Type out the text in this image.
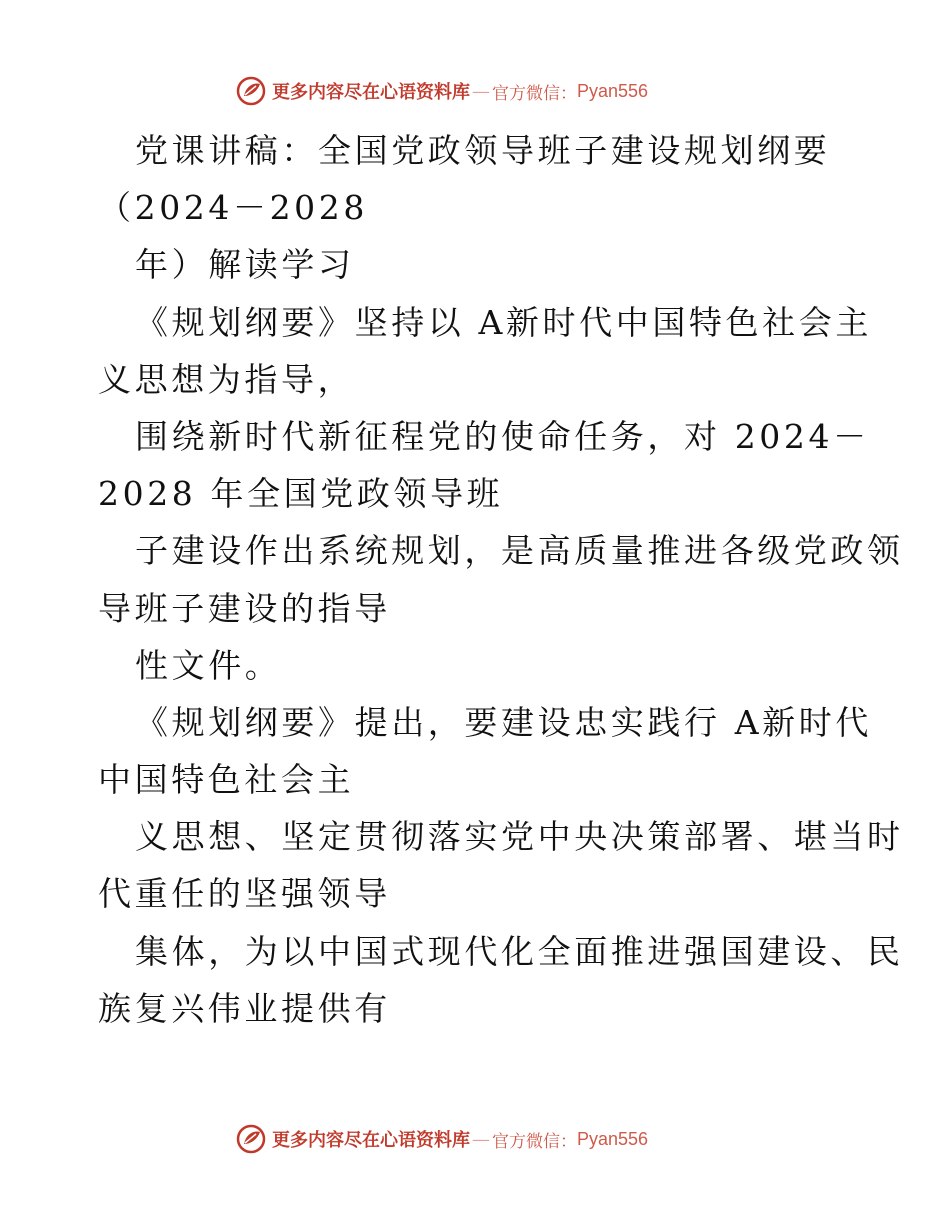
更多内容尽在心语资料库 — 官方微信： Pyan556
党课讲稿：全国党政领导班子建设规划纲要
（2024－2028
年）解读学习
《规划纲要》坚持以 A新时代中国特色社会主
义思想为指导，
围绕新时代新征程党的使命任务，对 2024－
2028 年全国党政领导班
子建设作出系统规划，是高质量推进各级党政领
导班子建设的指导
性文件。
《规划纲要》提出，要建设忠实践行 A新时代
中国特色社会主
义思想、坚定贯彻落实党中央决策部署、堪当时
代重任的坚强领导
集体，为以中国式现代化全面推进强国建设、民
族复兴伟业提供有
更多内容尽在心语资料库 — 官方微信： Pyan556
